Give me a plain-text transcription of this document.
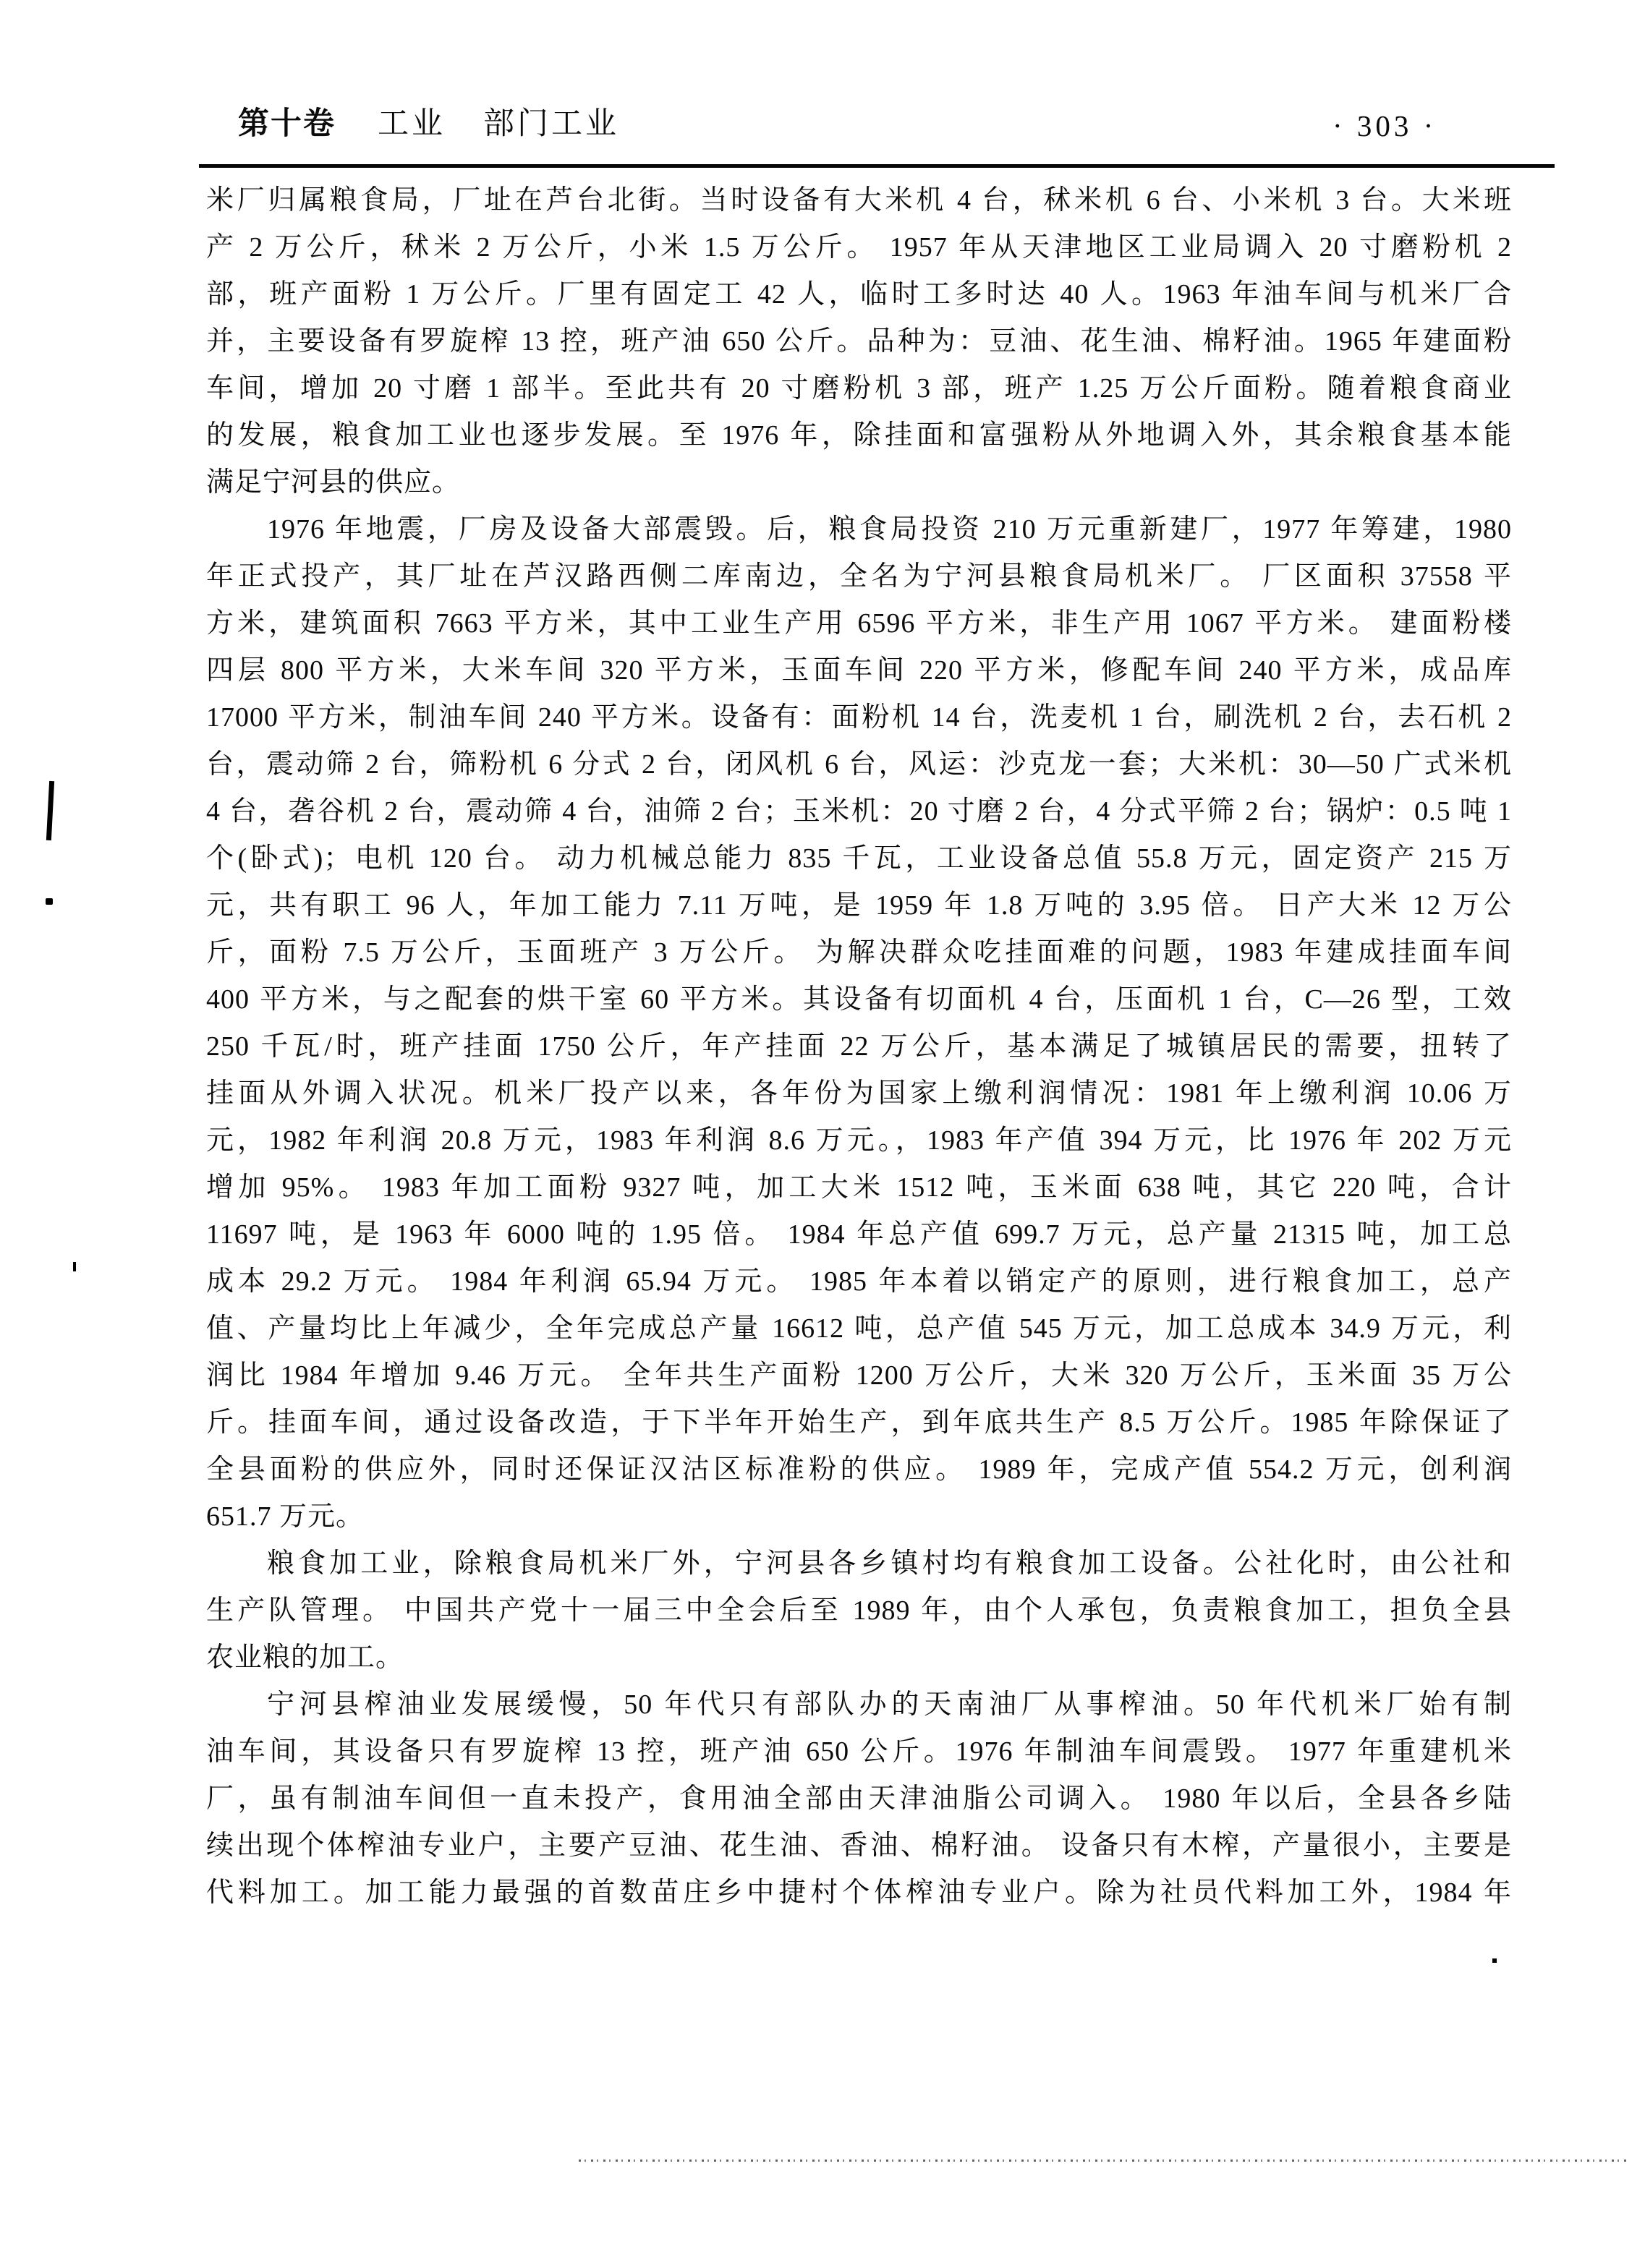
第十卷 工业 部门工业	· 303 ·
米厂归属粮食局，厂址在芦台北街。当时设备有大米机 4 台，秫米机 6 台、小米机 3 台。大米班
产 2 万公斤，秫米 2 万公斤，小米 1.5 万公斤。 1957 年从天津地区工业局调入 20 寸磨粉机 2
部，班产面粉 1 万公斤。厂里有固定工 42 人，临时工多时达 40 人。1963 年油车间与机米厂合
并，主要设备有罗旋榨 13 控，班产油 650 公斤。品种为：豆油、花生油、棉籽油。1965 年建面粉
车间，增加 20 寸磨 1 部半。至此共有 20 寸磨粉机 3 部，班产 1.25 万公斤面粉。随着粮食商业
的发展，粮食加工业也逐步发展。至 1976 年，除挂面和富强粉从外地调入外，其余粮食基本能
满足宁河县的供应。
1976 年地震，厂房及设备大部震毁。后，粮食局投资 210 万元重新建厂，1977 年筹建，1980
年正式投产，其厂址在芦汉路西侧二库南边，全名为宁河县粮食局机米厂。 厂区面积 37558 平
方米，建筑面积 7663 平方米，其中工业生产用 6596 平方米，非生产用 1067 平方米。 建面粉楼
四层 800 平方米，大米车间 320 平方米，玉面车间 220 平方米，修配车间 240 平方米，成品库
17000 平方米，制油车间 240 平方米。设备有：面粉机 14 台，洗麦机 1 台，刷洗机 2 台，去石机 2
台，震动筛 2 台，筛粉机 6 分式 2 台，闭风机 6 台，风运：沙克龙一套；大米机：30—50 广式米机
4 台，砻谷机 2 台，震动筛 4 台，油筛 2 台；玉米机：20 寸磨 2 台，4 分式平筛 2 台；锅炉：0.5 吨 1
个(卧式)；电机 120 台。 动力机械总能力 835 千瓦，工业设备总值 55.8 万元，固定资产 215 万
元，共有职工 96 人，年加工能力 7.11 万吨，是 1959 年 1.8 万吨的 3.95 倍。 日产大米 12 万公
斤，面粉 7.5 万公斤，玉面班产 3 万公斤。 为解决群众吃挂面难的问题，1983 年建成挂面车间
400 平方米，与之配套的烘干室 60 平方米。其设备有切面机 4 台，压面机 1 台，C—26 型，工效
250 千瓦/时，班产挂面 1750 公斤，年产挂面 22 万公斤，基本满足了城镇居民的需要，扭转了
挂面从外调入状况。机米厂投产以来，各年份为国家上缴利润情况：1981 年上缴利润 10.06 万
元，1982 年利润 20.8 万元，1983 年利润 8.6 万元。，1983 年产值 394 万元，比 1976 年 202 万元
增加 95%。 1983 年加工面粉 9327 吨，加工大米 1512 吨，玉米面 638 吨，其它 220 吨，合计
11697 吨，是 1963 年 6000 吨的 1.95 倍。 1984 年总产值 699.7 万元，总产量 21315 吨，加工总
成本 29.2 万元。 1984 年利润 65.94 万元。 1985 年本着以销定产的原则，进行粮食加工，总产
值、产量均比上年减少，全年完成总产量 16612 吨，总产值 545 万元，加工总成本 34.9 万元，利
润比 1984 年增加 9.46 万元。 全年共生产面粉 1200 万公斤，大米 320 万公斤，玉米面 35 万公
斤。挂面车间，通过设备改造，于下半年开始生产，到年底共生产 8.5 万公斤。1985 年除保证了
全县面粉的供应外，同时还保证汉沽区标准粉的供应。 1989 年，完成产值 554.2 万元，创利润
651.7 万元。
粮食加工业，除粮食局机米厂外，宁河县各乡镇村均有粮食加工设备。公社化时，由公社和
生产队管理。 中国共产党十一届三中全会后至 1989 年，由个人承包，负责粮食加工，担负全县
农业粮的加工。
宁河县榨油业发展缓慢，50 年代只有部队办的天南油厂从事榨油。50 年代机米厂始有制
油车间，其设备只有罗旋榨 13 控，班产油 650 公斤。1976 年制油车间震毁。 1977 年重建机米
厂，虽有制油车间但一直未投产，食用油全部由天津油脂公司调入。 1980 年以后，全县各乡陆
续出现个体榨油专业户，主要产豆油、花生油、香油、棉籽油。 设备只有木榨，产量很小，主要是
代料加工。加工能力最强的首数苗庄乡中捷村个体榨油专业户。除为社员代料加工外，1984 年
